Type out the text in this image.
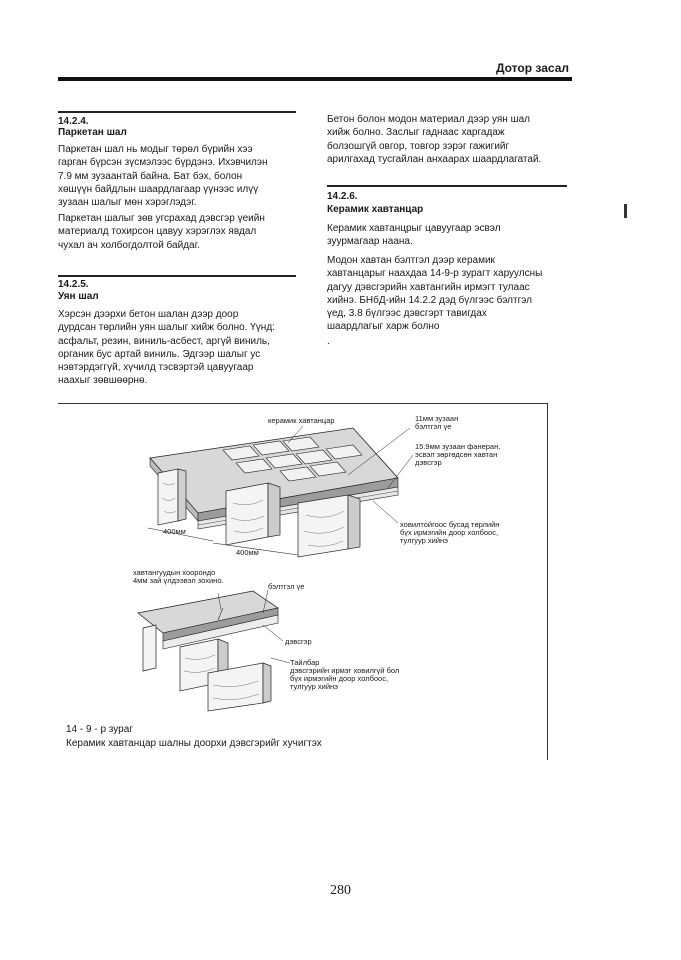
Дотор засал
14.2.4.
Паркетан шал
Паркетан шал нь модыг төрөл бүрийн хээ
гарган бүрсэн зүсмэлээс бүрдэнэ. Ихэвчилэн
7.9 мм зузаантай байна. Бат бэх, болон
хөшүүн байдлын шаардлагаар үүнээс илүү
зузаан шалыг мөн хэрэглэдэг.
Паркетан шалыг зөв угсрахад дэвсгэр үеийн
материалд тохирсон цавуу хэрэглэх явдал
чухал ач холбогдолтой байдаг.
14.2.5.
Уян шал
Хэрсэн дээрхи бетон шалан дээр доор
дурдсан төрлийн уян шалыг хийж болно. Үүнд:
асфальт, резин, виниль-асбест, аргүй виниль,
органик бус артай виниль. Эдгээр шалыг ус
нэвтэрдэггүй, хүчилд тэсвэртэй цавуугаар
наахыг зөвшөөрнө.
Бетон болон модон материал дээр уян шал
хийж болно. Заслыг гаднаас харгадаж
болзошгүй овгор, товгор зэрэг гажигийг
арилгахад тусгайлан анхаарах шаардлагатай.
14.2.6.
Керамик хавтанцар
Керамик хавтанцрыг цавуугаар эсвэл
зуурмагаар наана.
Модон хавтан бэлтгэл дээр керамик
хавтанцарыг наахдаа 14-9-р зурагт харуулсны
дагуу дэвсгэрийн хавтангийн ирмэгт тулаас
хийнэ. БНбД-ийн 14.2.2 дэд бүлгээс бэлтгэл
үед, 3.8 бүлгээс дэвсгэрт тавигдах
шаардлагыг харж болно
.
керамик хавтанцар	11мм зузаан
бэлтгэл үе
15.9мм зузаан фанеран,
эсвэл зөргөдсөн хавтан
дэвсгэр
ховилтойгоос бусад төрлийн
бүх ирмэгийн доор холбоос,
тулгуур хийнэ
400мм
400мм
хавтангуудын хоорондо
4мм зай үлдээвэл зохино.
бэлтгэл үе
дэвсгэр
Тайлбар
дэвсгэрийн ирмэг ховилгүй бол
бүх ирмэгийн доор холбоос,
тулгуур хийнэ
14 - 9 - р зураг
Керамик хавтанцар шалны доорхи дэвсгэрийг хучигтэх
280
